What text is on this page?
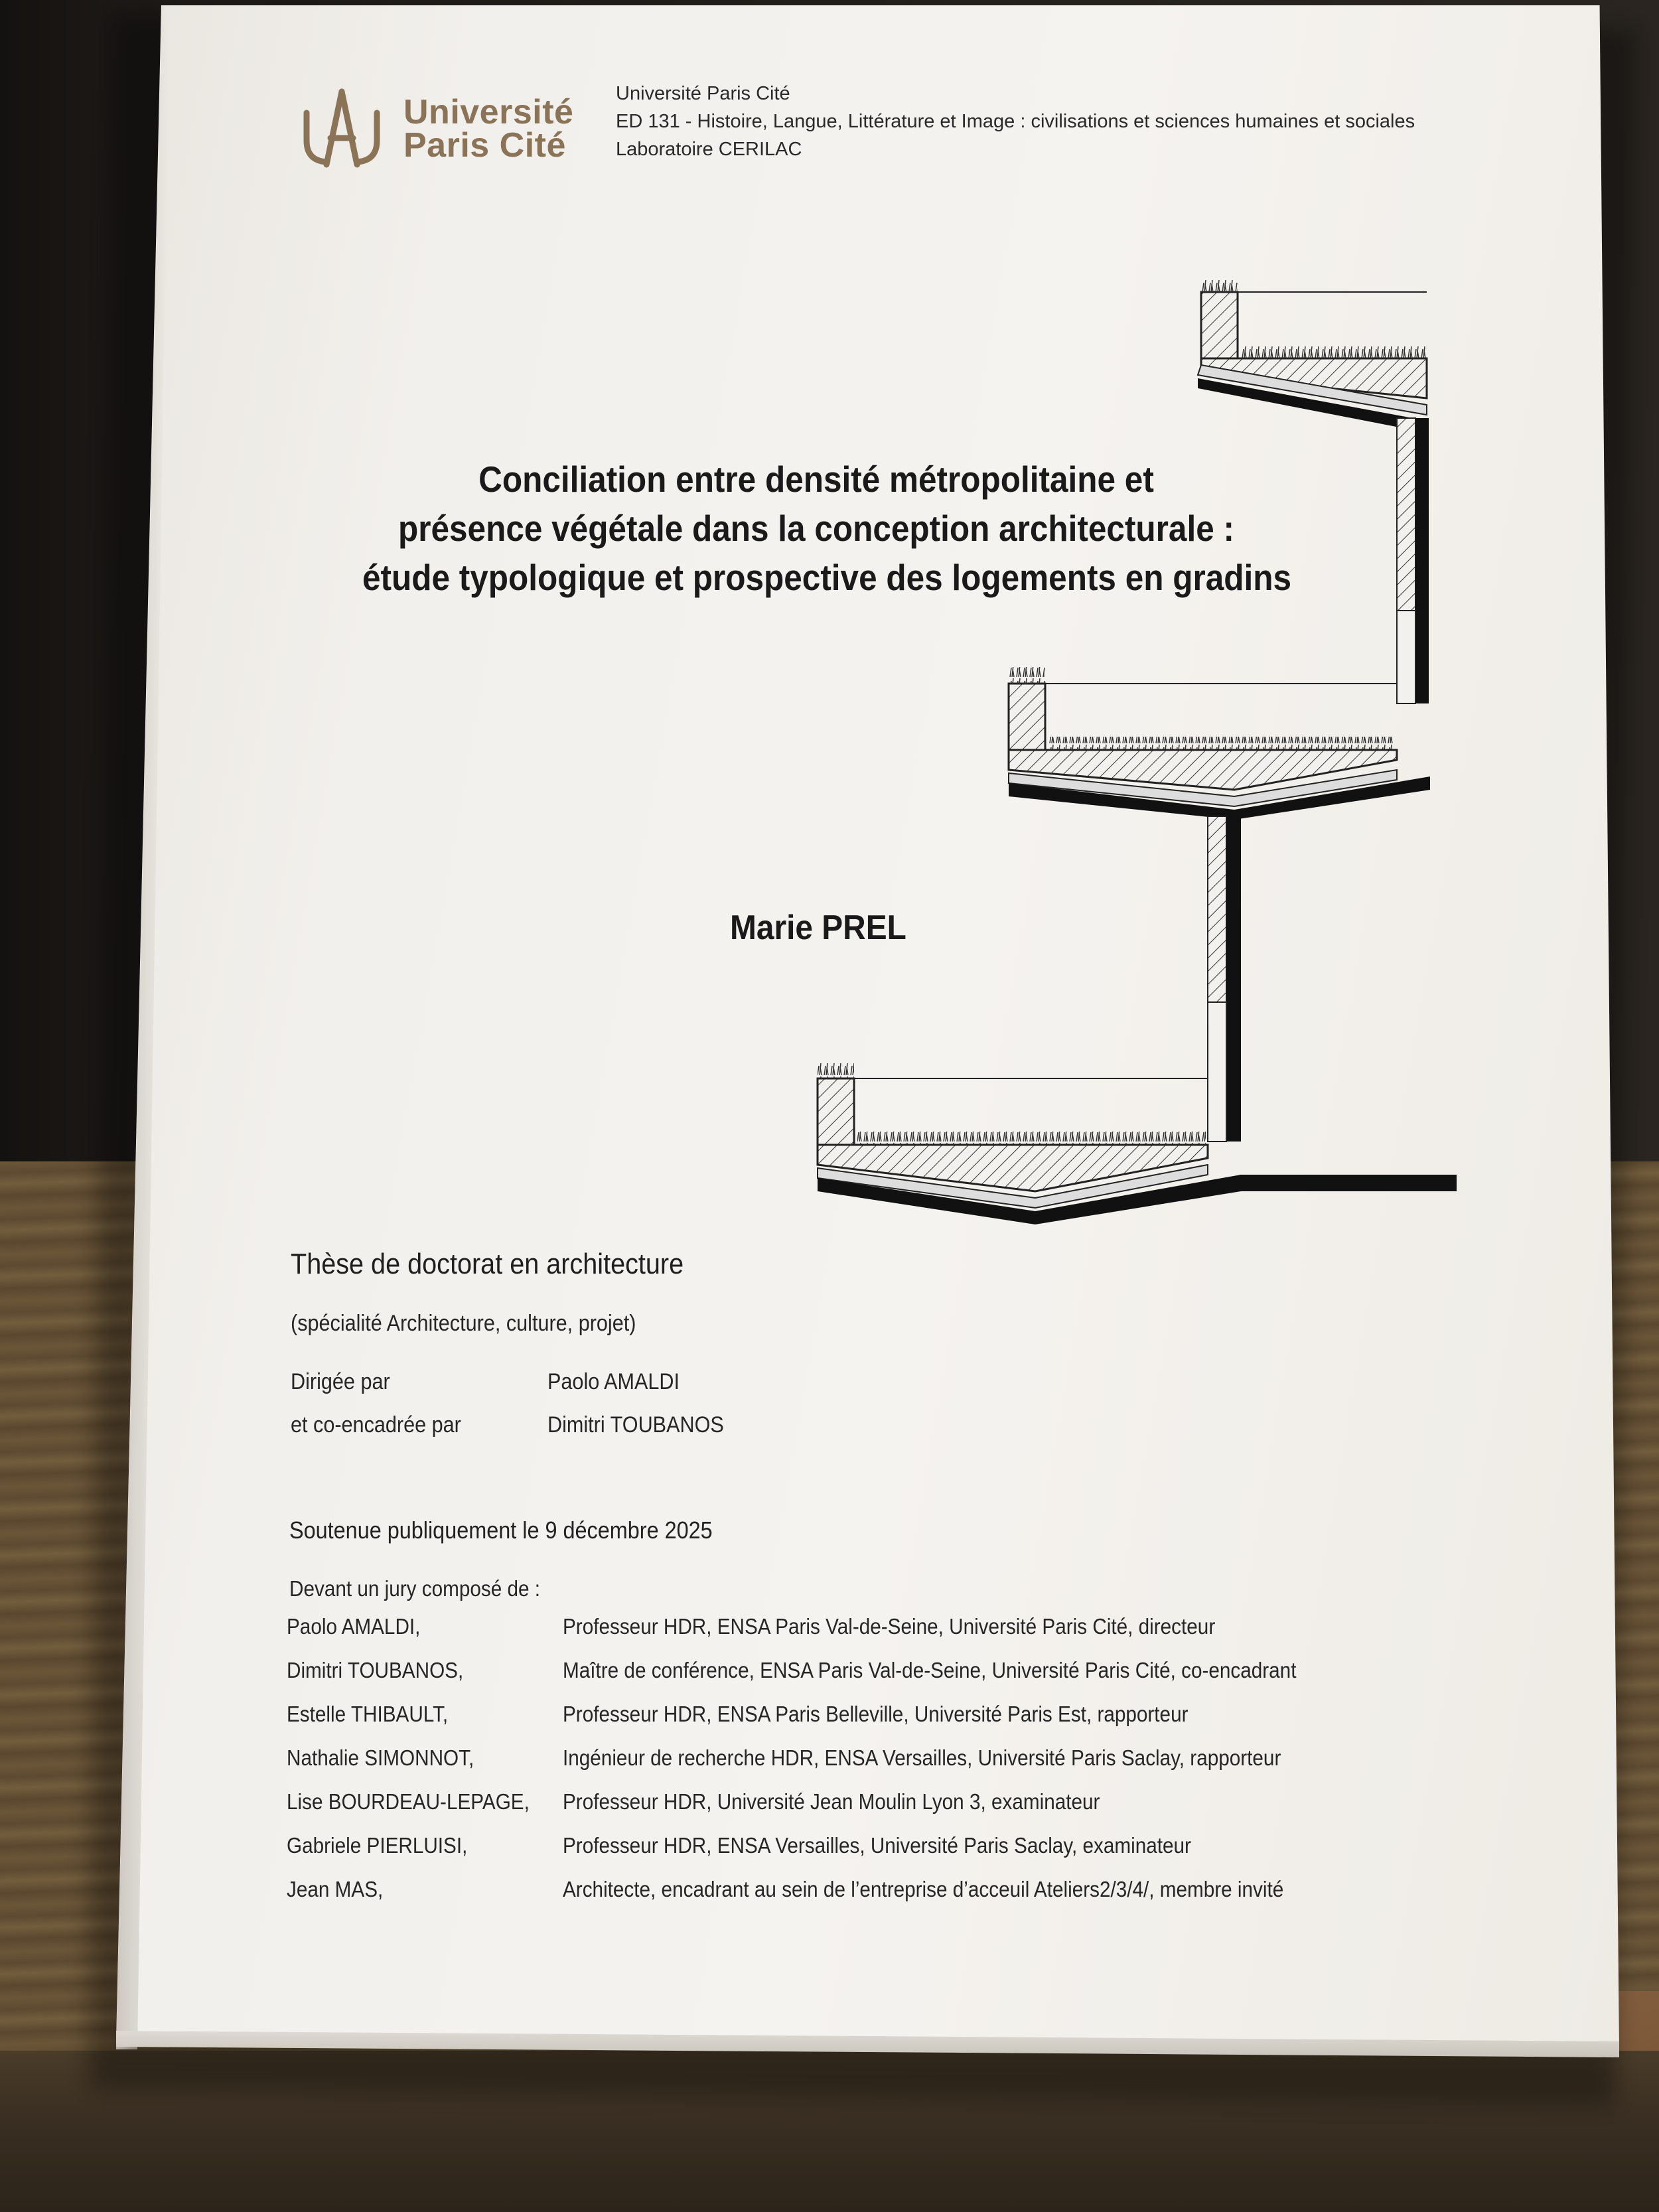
Université
Paris Cité
Université Paris Cité
ED 131 - Histoire, Langue, Littérature et Image : civilisations et sciences humaines et sociales
Laboratoire CERILAC
Conciliation entre densité métropolitaine et
présence végétale dans la conception architecturale :
étude typologique et prospective des logements en gradins
Marie PREL
Thèse de doctorat en architecture
(spécialité Architecture, culture, projet)
Dirigée par	Paolo AMALDI
et co-encadrée par	Dimitri TOUBANOS
Soutenue publiquement le 9 décembre 2025
Devant un jury composé de :
Paolo AMALDI,	Professeur HDR, ENSA Paris Val-de-Seine, Université Paris Cité, directeur
Dimitri TOUBANOS,	Maître de conférence, ENSA Paris Val-de-Seine, Université Paris Cité, co-encadrant
Estelle THIBAULT,	Professeur HDR, ENSA Paris Belleville, Université Paris Est, rapporteur
Nathalie SIMONNOT,	Ingénieur de recherche HDR, ENSA Versailles, Université Paris Saclay, rapporteur
Lise BOURDEAU-LEPAGE, Professeur HDR, Université Jean Moulin Lyon 3, examinateur
Gabriele PIERLUISI,	Professeur HDR, ENSA Versailles, Université Paris Saclay, examinateur
Jean MAS,	Architecte, encadrant au sein de l’entreprise d’acceuil Ateliers2/3/4/, membre invité
